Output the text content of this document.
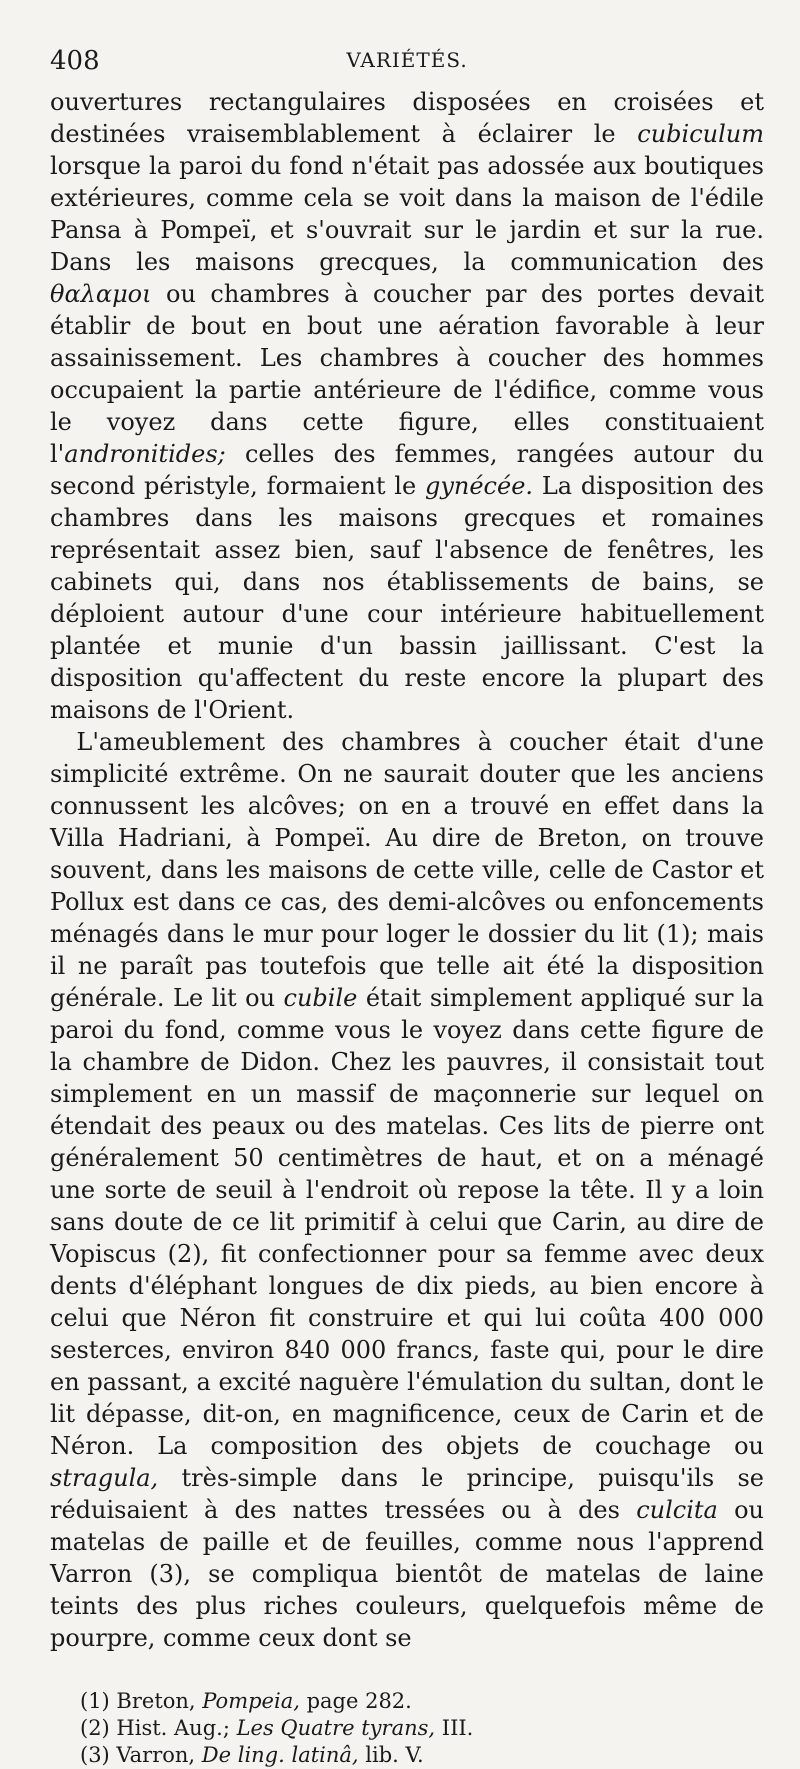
408	VARIÉTÉS.

ouvertures rectangulaires disposées en croisées et destinées vraisemblablement à éclairer le cubiculum lorsque la paroi du fond n'était pas adossée aux boutiques extérieures, comme cela se voit dans la maison de l'édile Pansa à Pompeï, et s'ouvrait sur le jardin et sur la rue. Dans les maisons grecques, la communication des θαλαμοι ou chambres à coucher par des portes devait établir de bout en bout une aération favorable à leur assainissement. Les chambres à coucher des hommes occupaient la partie antérieure de l'édifice, comme vous le voyez dans cette figure, elles constituaient l'andronitides; celles des femmes, rangées autour du second péristyle, formaient le gynécée. La disposition des chambres dans les maisons grecques et romaines représentait assez bien, sauf l'absence de fenêtres, les cabinets qui, dans nos établissements de bains, se déploient autour d'une cour intérieure habituellement plantée et munie d'un bassin jaillissant. C'est la disposition qu'affectent du reste encore la plupart des maisons de l'Orient.

L'ameublement des chambres à coucher était d'une simplicité extrême. On ne saurait douter que les anciens connussent les alcôves; on en a trouvé en effet dans la Villa Hadriani, à Pompeï. Au dire de Breton, on trouve souvent, dans les maisons de cette ville, celle de Castor et Pollux est dans ce cas, des demi-alcôves ou enfoncements ménagés dans le mur pour loger le dossier du lit (1); mais il ne paraît pas toutefois que telle ait été la disposition générale. Le lit ou cubile était simplement appliqué sur la paroi du fond, comme vous le voyez dans cette figure de la chambre de Didon. Chez les pauvres, il consistait tout simplement en un massif de maçonnerie sur lequel on étendait des peaux ou des matelas. Ces lits de pierre ont généralement 50 centimètres de haut, et on a ménagé une sorte de seuil à l'endroit où repose la tête. Il y a loin sans doute de ce lit primitif à celui que Carin, au dire de Vopiscus (2), fit confectionner pour sa femme avec deux dents d'éléphant longues de dix pieds, au bien encore à celui que Néron fit construire et qui lui coûta 400 000 sesterces, environ 840 000 francs, faste qui, pour le dire en passant, a excité naguère l'émulation du sultan, dont le lit dépasse, dit-on, en magnificence, ceux de Carin et de Néron. La composition des objets de couchage ou stragula, très-simple dans le principe, puisqu'ils se réduisaient à des nattes tressées ou à des culcita ou matelas de paille et de feuilles, comme nous l'apprend Varron (3), se compliqua bientôt de matelas de laine teints des plus riches couleurs, quelquefois même de pourpre, comme ceux dont se

(1) Breton, Pompeia, page 282.
(2) Hist. Aug.; Les Quatre tyrans, III.
(3) Varron, De ling. latinâ, lib. V.
